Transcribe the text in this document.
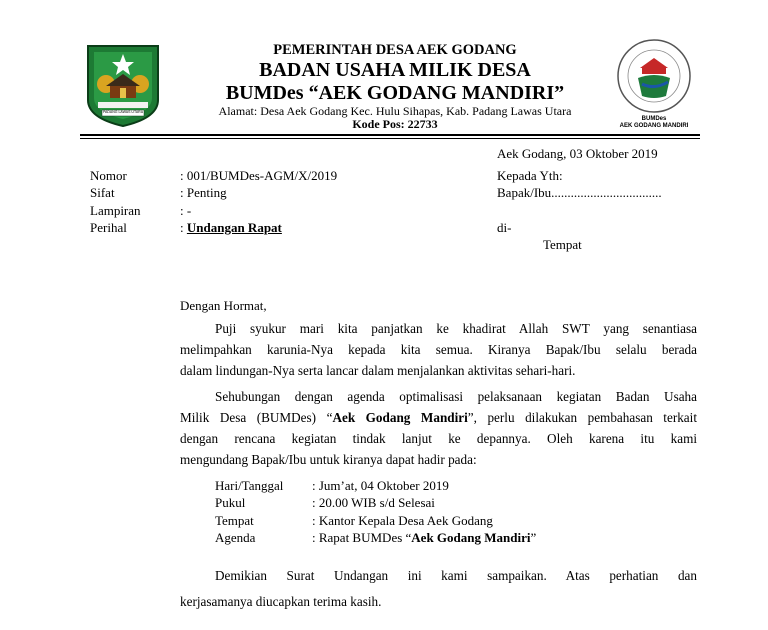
PADANG LAWAS UTARA
BUMDes
AEK GODANG MANDIRI
PEMERINTAH DESA AEK GODANG
BADAN USAHA MILIK DESA
BUMDes “AEK GODANG MANDIRI”
Alamat: Desa Aek Godang Kec. Hulu Sihapas, Kab. Padang Lawas Utara
Kode Pos: 22733
Aek Godang, 03 Oktober 2019
Nomor	: 001/BUMDes-AGM/X/2019
Sifat	: Penting
Lampiran	: -
Perihal	: Undangan Rapat
Kepada Yth:
Bapak/Ibu..................................
di-
Tempat
Dengan Hormat,
Puji syukur mari kita panjatkan ke khadirat Allah SWT yang senantiasa
melimpahkan karunia-Nya kepada kita semua. Kiranya Bapak/Ibu selalu berada
dalam lindungan-Nya serta lancar dalam menjalankan aktivitas sehari-hari.
Sehubungan dengan agenda optimalisasi pelaksanaan kegiatan Badan Usaha
Milik Desa (BUMDes) “Aek Godang Mandiri”, perlu dilakukan pembahasan terkait
dengan rencana kegiatan tindak lanjut ke depannya. Oleh karena itu kami
mengundang Bapak/Ibu untuk kiranya dapat hadir pada:
Hari/Tanggal : Jum’at, 04 Oktober 2019
Pukul	: 20.00 WIB s/d Selesai
Tempat	: Kantor Kepala Desa Aek Godang
Agenda	: Rapat BUMDes “Aek Godang Mandiri”
Demikian Surat Undangan ini kami sampaikan. Atas perhatian dan
kerjasamanya diucapkan terima kasih.
